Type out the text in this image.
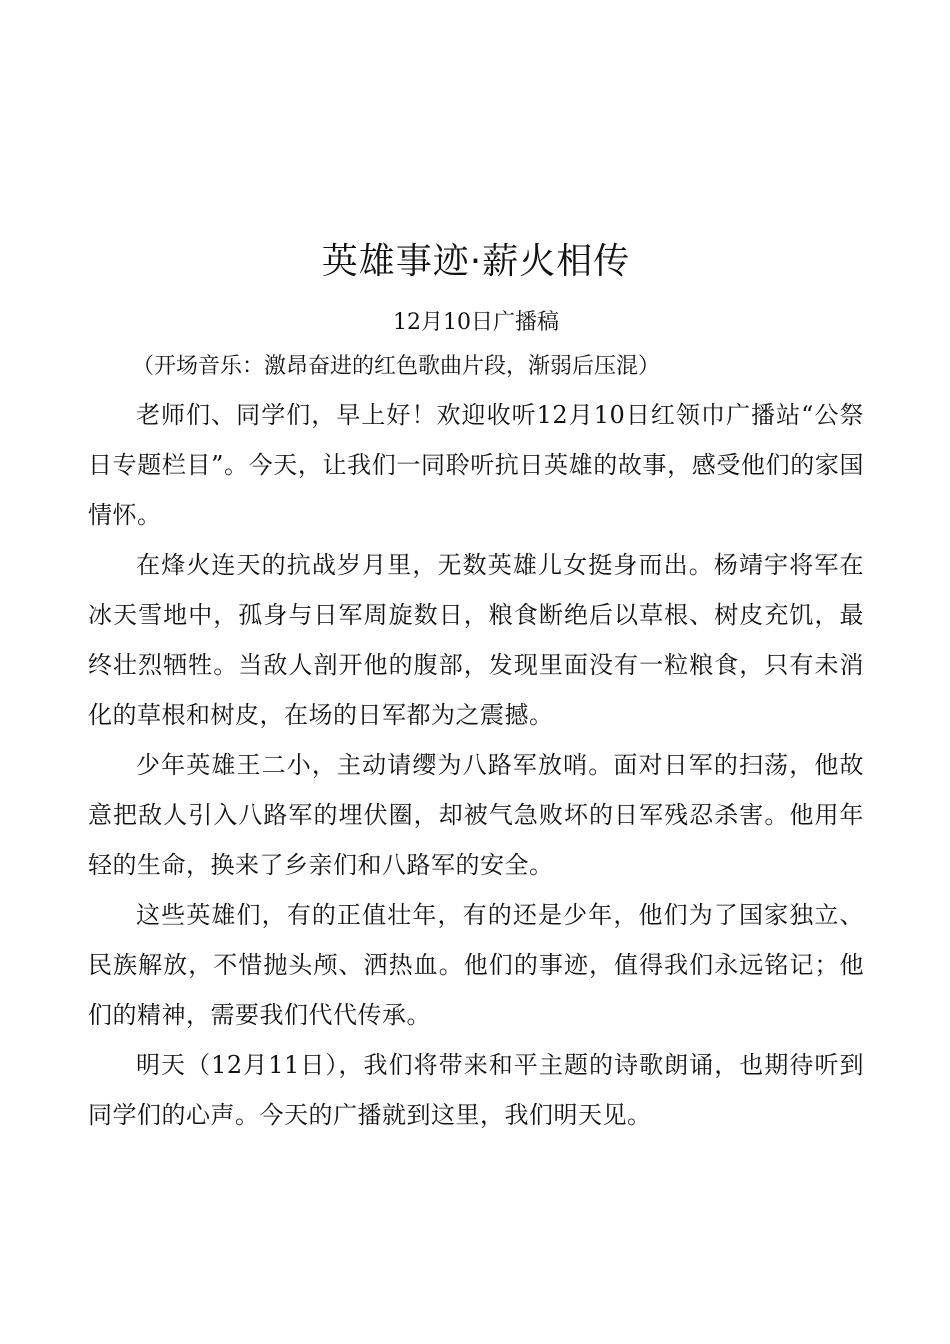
英雄事迹·薪火相传

12月10日广播稿

（开场音乐：激昂奋进的红色歌曲片段，渐弱后压混）

老师们、同学们，早上好！欢迎收听12月10日红领巾广播站“公祭日专题栏目”。今天，让我们一同聆听抗日英雄的故事，感受他们的家国情怀。

在烽火连天的抗战岁月里，无数英雄儿女挺身而出。杨靖宇将军在冰天雪地中，孤身与日军周旋数日，粮食断绝后以草根、树皮充饥，最终壮烈牺牲。当敌人剖开他的腹部，发现里面没有一粒粮食，只有未消化的草根和树皮，在场的日军都为之震撼。

少年英雄王二小，主动请缨为八路军放哨。面对日军的扫荡，他故意把敌人引入八路军的埋伏圈，却被气急败坏的日军残忍杀害。他用年轻的生命，换来了乡亲们和八路军的安全。

这些英雄们，有的正值壮年，有的还是少年，他们为了国家独立、民族解放，不惜抛头颅、洒热血。他们的事迹，值得我们永远铭记；他们的精神，需要我们代代传承。

明天（12月11日），我们将带来和平主题的诗歌朗诵，也期待听到同学们的心声。今天的广播就到这里，我们明天见。
